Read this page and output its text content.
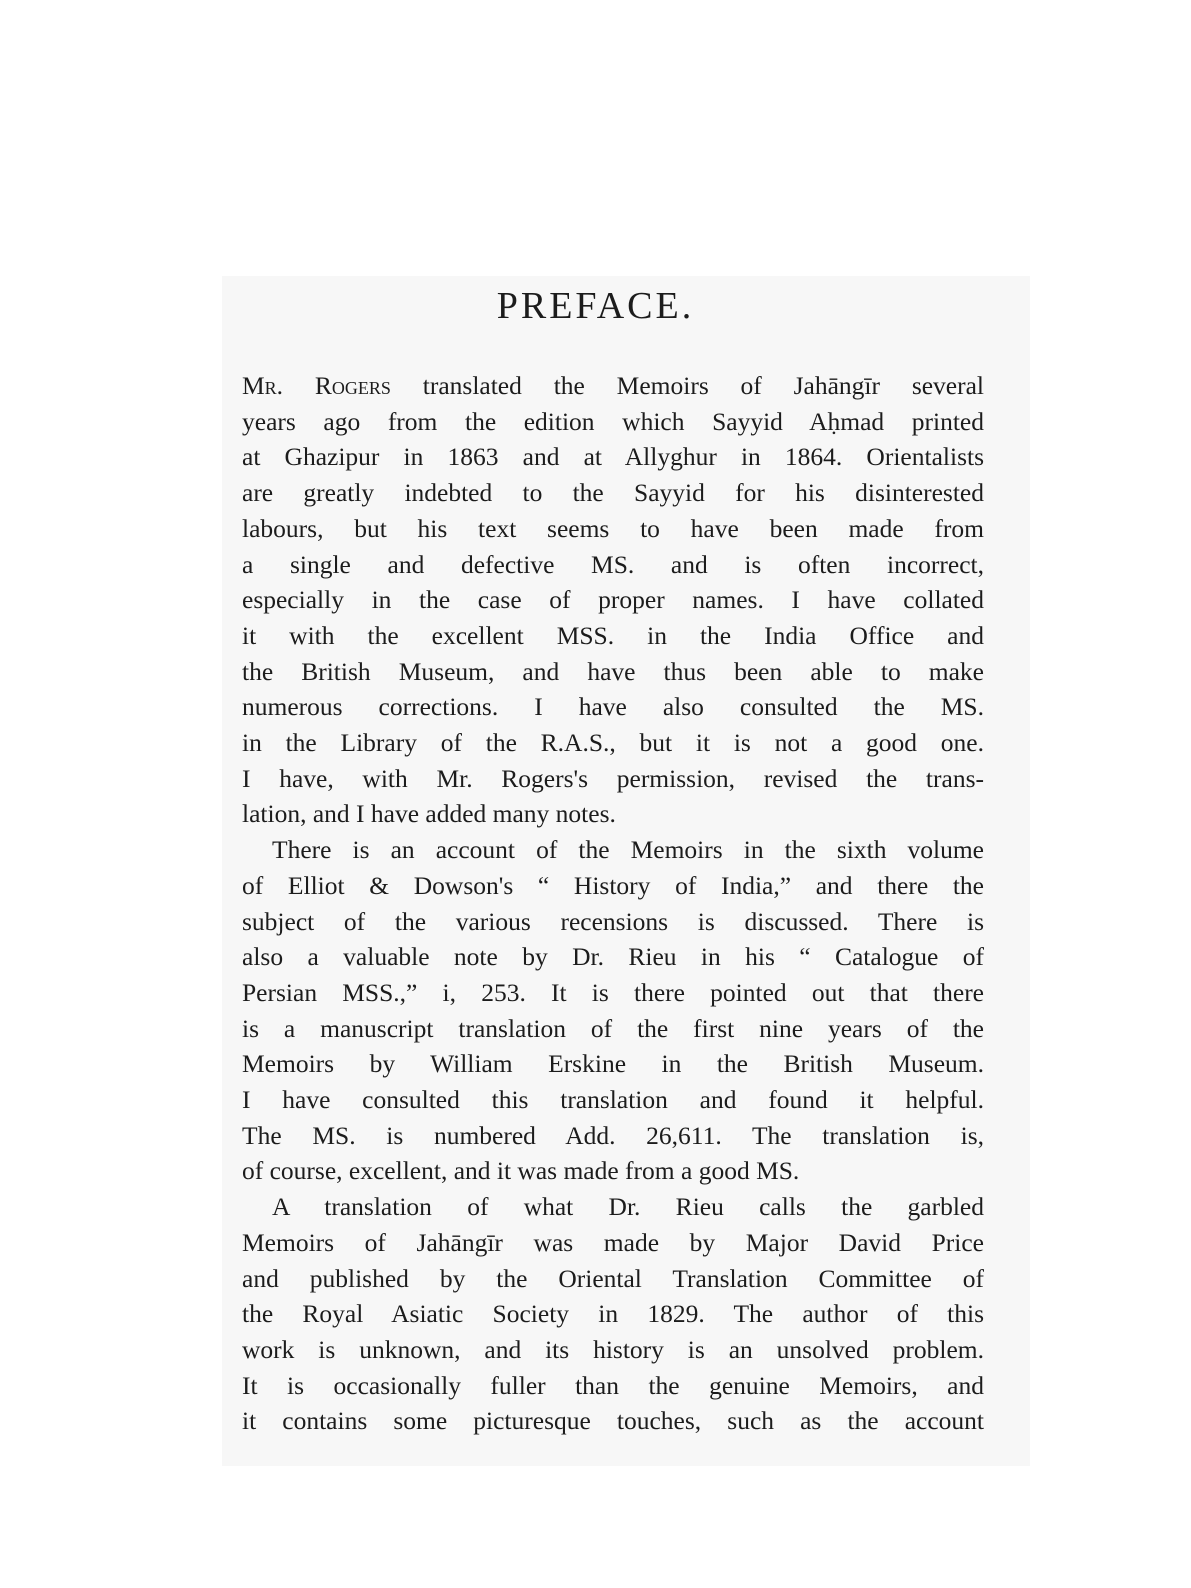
PREFACE.
Mr. Rogers translated the Memoirs of Jahāngīr several
years ago from the edition which Sayyid Aḥmad printed
at Ghazipur in 1863 and at Allyghur in 1864. Orientalists
are greatly indebted to the Sayyid for his disinterested
labours, but his text seems to have been made from
a single and defective MS. and is often incorrect,
especially in the case of proper names. I have collated
it with the excellent MSS. in the India Office and
the British Museum, and have thus been able to make
numerous corrections. I have also consulted the MS.
in the Library of the R.A.S., but it is not a good one.
I have, with Mr. Rogers's permission, revised the trans-
lation, and I have added many notes.
There is an account of the Memoirs in the sixth volume
of Elliot & Dowson's “ History of India,” and there the
subject of the various recensions is discussed. There is
also a valuable note by Dr. Rieu in his “ Catalogue of
Persian MSS.,” i, 253. It is there pointed out that there
is a manuscript translation of the first nine years of the
Memoirs by William Erskine in the British Museum.
I have consulted this translation and found it helpful.
The MS. is numbered Add. 26,611. The translation is,
of course, excellent, and it was made from a good MS.
A translation of what Dr. Rieu calls the garbled
Memoirs of Jahāngīr was made by Major David Price
and published by the Oriental Translation Committee of
the Royal Asiatic Society in 1829. The author of this
work is unknown, and its history is an unsolved problem.
It is occasionally fuller than the genuine Memoirs, and
it contains some picturesque touches, such as the account
